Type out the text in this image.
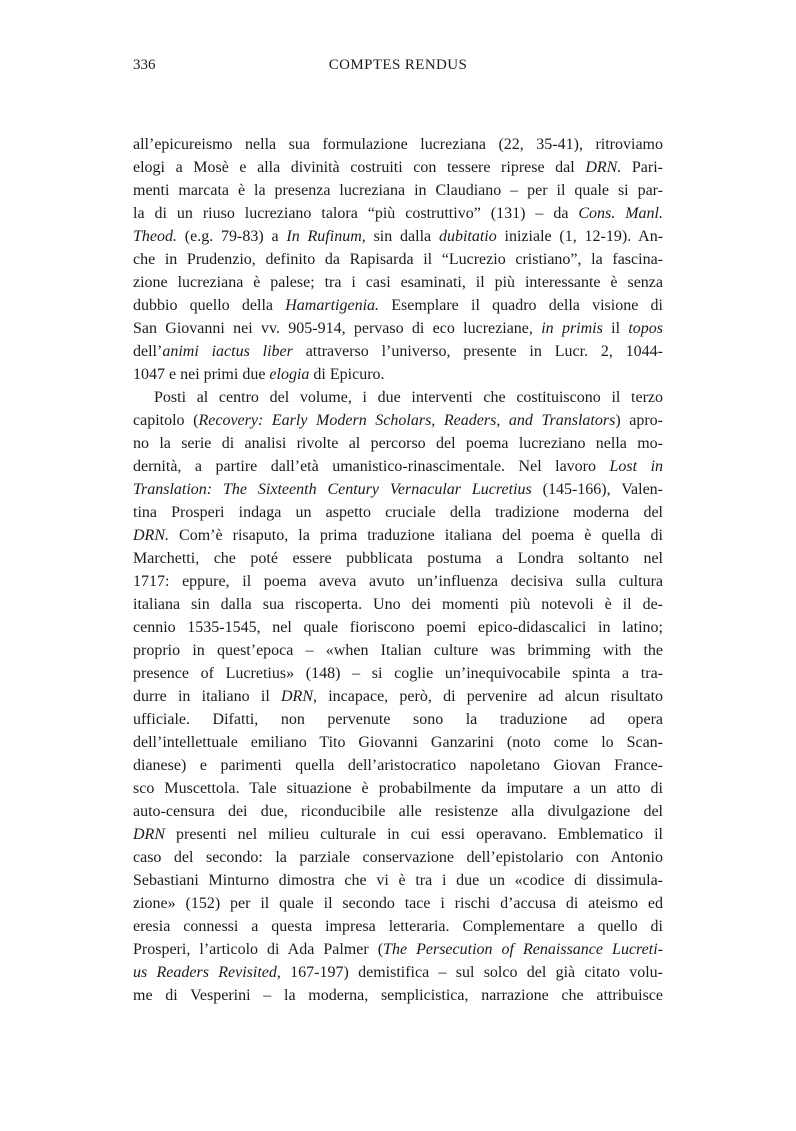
336	COMPTES RENDUS
all’epicureismo nella sua formulazione lucreziana (22, 35-41), ritroviamo
elogi a Mosè e alla divinità costruiti con tessere riprese dal DRN. Pari-
menti marcata è la presenza lucreziana in Claudiano – per il quale si par-
la di un riuso lucreziano talora “più costruttivo” (131) – da Cons. Manl.
Theod. (e.g. 79-83) a In Rufinum, sin dalla dubitatio iniziale (1, 12-19). An-
che in Prudenzio, definito da Rapisarda il “Lucrezio cristiano”, la fascina-
zione lucreziana è palese; tra i casi esaminati, il più interessante è senza
dubbio quello della Hamartigenia. Esemplare il quadro della visione di
San Giovanni nei vv. 905-914, pervaso di eco lucreziane, in primis il topos
dell’animi iactus liber attraverso l’universo, presente in Lucr. 2, 1044-
1047 e nei primi due elogia di Epicuro.
Posti al centro del volume, i due interventi che costituiscono il terzo
capitolo (Recovery: Early Modern Scholars, Readers, and Translators) apro-
no la serie di analisi rivolte al percorso del poema lucreziano nella mo-
dernità, a partire dall’età umanistico-rinascimentale. Nel lavoro Lost in
Translation: The Sixteenth Century Vernacular Lucretius (145-166), Valen-
tina Prosperi indaga un aspetto cruciale della tradizione moderna del
DRN. Com’è risaputo, la prima traduzione italiana del poema è quella di
Marchetti, che poté essere pubblicata postuma a Londra soltanto nel
1717: eppure, il poema aveva avuto un’influenza decisiva sulla cultura
italiana sin dalla sua riscoperta. Uno dei momenti più notevoli è il de-
cennio 1535-1545, nel quale fioriscono poemi epico-didascalici in latino;
proprio in quest’epoca – «when Italian culture was brimming with the
presence of Lucretius» (148) – si coglie un’inequivocabile spinta a tra-
durre in italiano il DRN, incapace, però, di pervenire ad alcun risultato
ufficiale. Difatti, non pervenute sono la traduzione ad opera
dell’intellettuale emiliano Tito Giovanni Ganzarini (noto come lo Scan-
dianese) e parimenti quella dell’aristocratico napoletano Giovan France-
sco Muscettola. Tale situazione è probabilmente da imputare a un atto di
auto-censura dei due, riconducibile alle resistenze alla divulgazione del
DRN presenti nel milieu culturale in cui essi operavano. Emblematico il
caso del secondo: la parziale conservazione dell’epistolario con Antonio
Sebastiani Minturno dimostra che vi è tra i due un «codice di dissimula-
zione» (152) per il quale il secondo tace i rischi d’accusa di ateismo ed
eresia connessi a questa impresa letteraria. Complementare a quello di
Prosperi, l’articolo di Ada Palmer (The Persecution of Renaissance Lucreti-
us Readers Revisited, 167-197) demistifica – sul solco del già citato volu-
me di Vesperini – la moderna, semplicistica, narrazione che attribuisce
